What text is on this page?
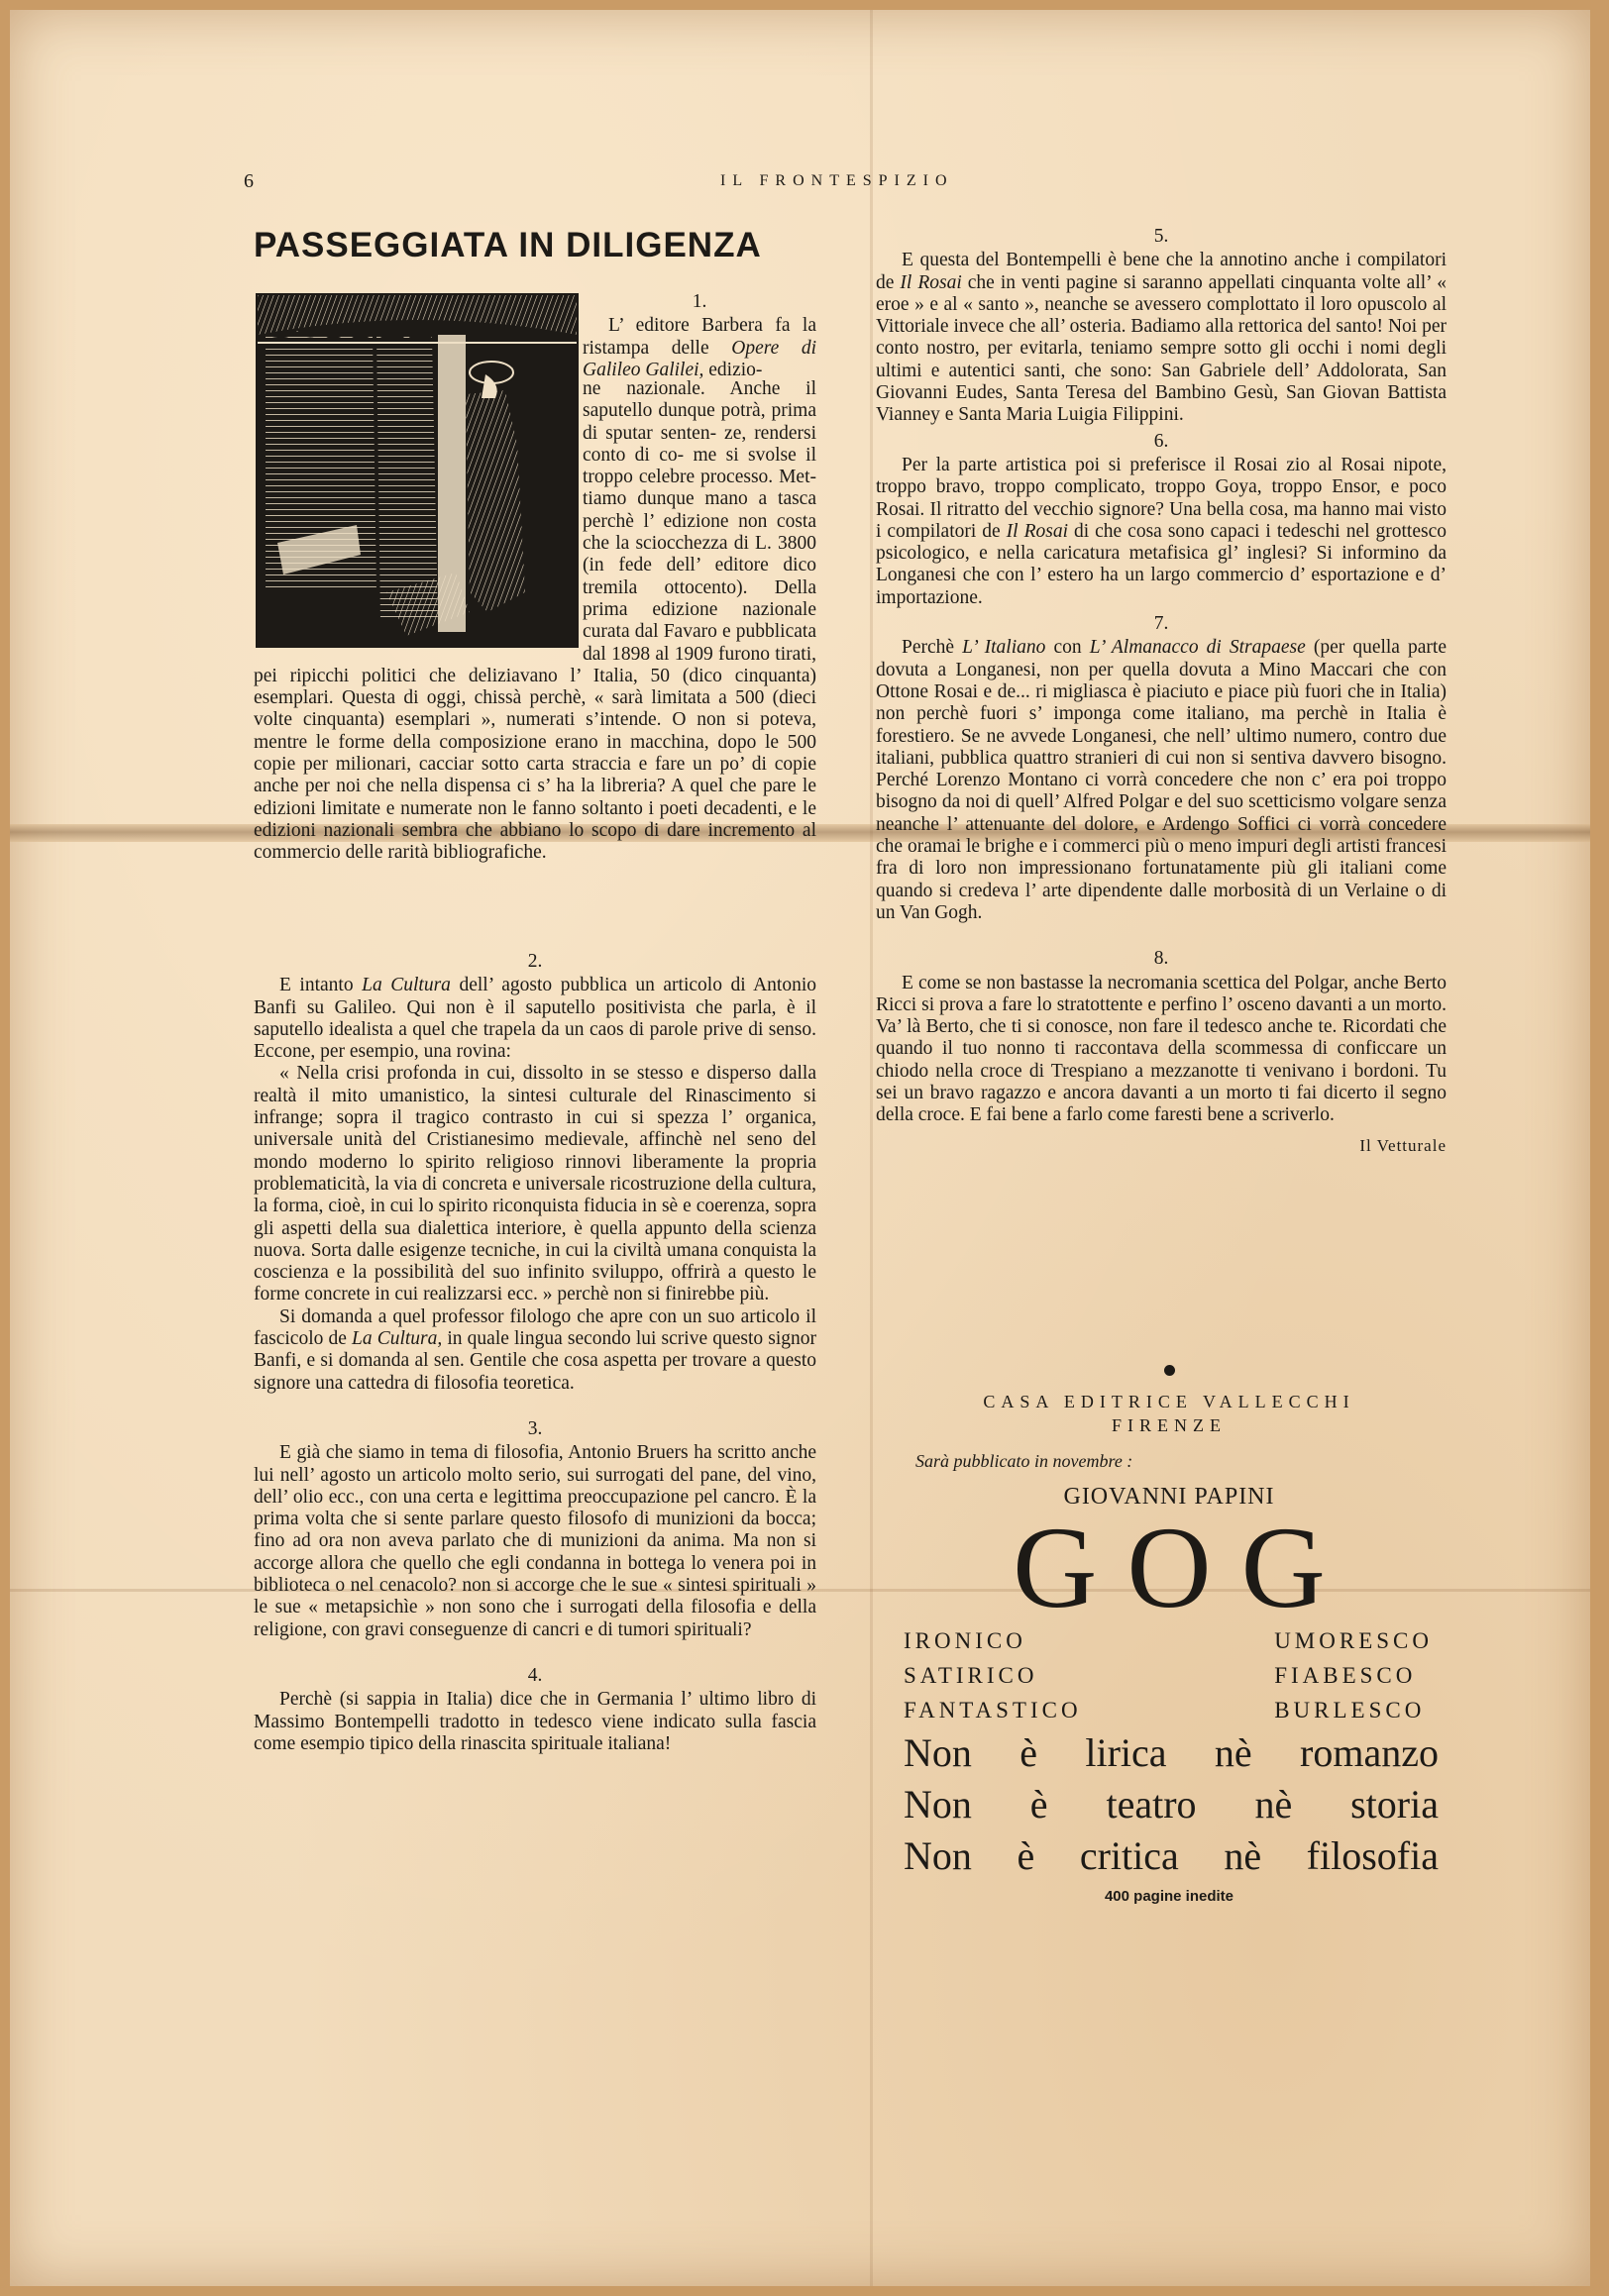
6	IL FRONTESPIZIO
PASSEGGIATA IN DILIGENZA

1.

L’ editore Barbera fa la ristampa delle Opere di Galileo Galilei, edizio-

ne nazionale. Anche il saputello dunque potrà, prima di sputar senten- ze, rendersi conto di co- me si svolse il troppo celebre processo. Met- tiamo dunque mano a tasca perchè l’ edizione non costa che la sciocchezza di L. 3800 (in fede dell’ editore dico tremila ottocento). Della prima edizione nazionale curata dal Favaro e pubblicata dal 1898 al 1909 furono tirati, pei ripicchi politici che deliziavano l’ Italia, 50 (dico cinquanta) esemplari. Questa di oggi, chissà perchè, « sarà limitata a 500 (dieci volte cinquanta) esemplari », numerati s’intende. O non si poteva, mentre le forme della composizione erano in macchina, dopo le 500 copie per milionari, cacciar sotto carta straccia e fare un po’ di copie anche per noi che nella dispensa ci s’ ha la libreria? A quel che pare le edizioni limitate e numerate non le fanno soltanto i poeti decadenti, e le edizioni nazionali sembra che abbiano lo scopo di dare incremento al commercio delle rarità bibliografiche.

2.

E intanto La Cultura dell’ agosto pubblica un articolo di Antonio Banfi su Galileo. Qui non è il saputello positivista che parla, è il saputello idealista a quel che trapela da un caos di parole prive di senso. Eccone, per esempio, una rovina:

« Nella crisi profonda in cui, dissolto in se stesso e disperso dalla realtà il mito umanistico, la sintesi culturale del Rinascimento si infrange; sopra il tragico contrasto in cui si spezza l’ organica, universale unità del Cristianesimo medievale, affinchè nel seno del mondo moderno lo spirito religioso rinnovi liberamente la propria problematicità, la via di concreta e universale ricostruzione della cultura, la forma, cioè, in cui lo spirito riconquista fiducia in sè e coerenza, sopra gli aspetti della sua dialettica interiore, è quella appunto della scienza nuova. Sorta dalle esigenze tecniche, in cui la civiltà umana conquista la coscienza e la possibilità del suo infinito sviluppo, offrirà a questo le forme concrete in cui realizzarsi ecc. » perchè non si finirebbe più.

Si domanda a quel professor filologo che apre con un suo articolo il fascicolo de La Cultura, in quale lingua secondo lui scrive questo signor Banfi, e si domanda al sen. Gentile che cosa aspetta per trovare a questo signore una cattedra di filosofia teoretica.

3.

E già che siamo in tema di filosofia, Antonio Bruers ha scritto anche lui nell’ agosto un articolo molto serio, sui surrogati del pane, del vino, dell’ olio ecc., con una certa e legittima preoccupazione pel cancro. È la prima volta che si sente parlare questo filosofo di munizioni da bocca; fino ad ora non aveva parlato che di munizioni da anima. Ma non si accorge allora che quello che egli condanna in bottega lo venera poi in biblioteca o nel cenacolo? non si accorge che le sue « sintesi spirituali » le sue « metapsichìe » non sono che i surrogati della filosofia e della religione, con gravi conseguenze di cancri e di tumori spirituali?

4.

Perchè (si sappia in Italia) dice che in Germania l’ ultimo libro di Massimo Bontempelli tradotto in tedesco viene indicato sulla fascia come esempio tipico della rinascita spirituale italiana!

5.

E questa del Bontempelli è bene che la annotino anche i compilatori de Il Rosai che in venti pagine si saranno appellati cinquanta volte all’ « eroe » e al « santo », neanche se avessero complottato il loro opuscolo al Vittoriale invece che all’ osteria. Badiamo alla rettorica del santo! Noi per conto nostro, per evitarla, teniamo sempre sotto gli occhi i nomi degli ultimi e autentici santi, che sono: San Gabriele dell’ Addolorata, San Giovanni Eudes, Santa Teresa del Bambino Gesù, San Giovan Battista Vianney e Santa Maria Luigia Filippini.

6.

Per la parte artistica poi si preferisce il Rosai zio al Rosai nipote, troppo bravo, troppo complicato, troppo Goya, troppo Ensor, e poco Rosai. Il ritratto del vecchio signore? Una bella cosa, ma hanno mai visto i compilatori de Il Rosai di che cosa sono capaci i tedeschi nel grottesco psicologico, e nella caricatura metafisica gl’ inglesi? Si informino da Longanesi che con l’ estero ha un largo commercio d’ esportazione e d’ importazione.

7.

Perchè L’ Italiano con L’ Almanacco di Strapaese (per quella parte dovuta a Longanesi, non per quella dovuta a Mino Maccari che con Ottone Rosai e de... ri migliasca è piaciuto e piace più fuori che in Italia) non perchè fuori s’ imponga come italiano, ma perchè in Italia è forestiero. Se ne avvede Longanesi, che nell’ ultimo numero, contro due italiani, pubblica quattro stranieri di cui non si sentiva davvero bisogno. Perché Lorenzo Montano ci vorrà concedere che non c’ era poi troppo bisogno da noi di quell’ Alfred Polgar e del suo scetticismo volgare senza neanche l’ attenuante del dolore, e Ardengo Soffici ci vorrà concedere che oramai le brighe e i commerci più o meno impuri degli artisti francesi fra di loro non impressionano fortunatamente più gli italiani come quando si credeva l’ arte dipendente dalle morbosità di un Verlaine o di un Van Gogh.

8.

E come se non bastasse la necromania scettica del Polgar, anche Berto Ricci si prova a fare lo stratottente e perfino l’ osceno davanti a un morto. Va’ là Berto, che ti si conosce, non fare il tedesco anche te. Ricordati che quando il tuo nonno ti raccontava della scommessa di conficcare un chiodo nella croce di Trespiano a mezzanotte ti venivano i bordoni. Tu sei un bravo ragazzo e ancora davanti a un morto ti fai dicerto il segno della croce. E fai bene a farlo come faresti bene a scriverlo.

Il Vetturale

CASA EDITRICE VALLECCHI
FIRENZE
Sarà pubblicato in novembre :
GIOVANNI PAPINI
GOG
IRONICO
SATIRICO
FANTASTICO
UMORESCO
FIABESCO
BURLESCO
Non è lirica nè romanzo
Non è teatro nè storia
Non è critica nè filosofia
400 pagine inedite
